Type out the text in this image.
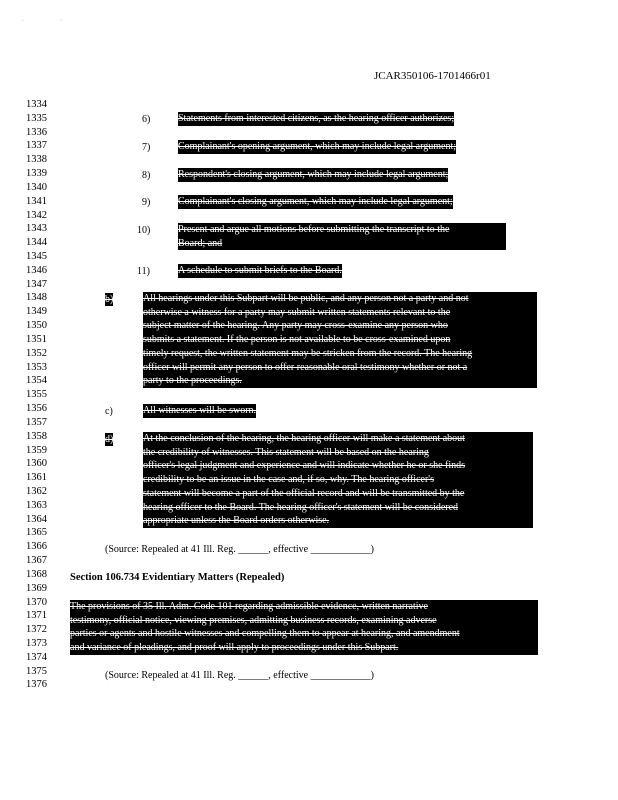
·	·
JCAR350106-1701466r01
1334
1335
1336
1337
1338
1339
1340
1341
1342
1343
1344
1345
1346
1347
1348
1349
1350
1351
1352
1353
1354
1355
1356
1357
1358
1359
1360
1361
1362
1363
1364
1365
1366
1367
1368
1369
1370
1371
1372
1373
1374
1375
1376
6)	Statements from interested citizens, as the hearing officer authorizes;
7)	Complainant's opening argument, which may include legal argument;
8)	Respondent's closing argument, which may include legal argument;
9)	Complainant's closing argument, which may include legal argument;
10)	Present and argue all motions before submitting the transcript to the
Board; and
11)	A schedule to submit briefs to the Board.
b)	All hearings under this Subpart will be public, and any person not a party and not
otherwise a witness for a party may submit written statements relevant to the
subject matter of the hearing. Any party may cross-examine any person who
submits a statement. If the person is not available to be cross-examined upon
timely request, the written statement may be stricken from the record. The hearing
officer will permit any person to offer reasonable oral testimony whether or not a
party to the proceedings.
c)	All witnesses will be sworn.
d)	At the conclusion of the hearing, the hearing officer will make a statement about
the credibility of witnesses. This statement will be based on the hearing
officer's legal judgment and experience and will indicate whether he or she finds
credibility to be an issue in the case and, if so, why. The hearing officer's
statement will become a part of the official record and will be transmitted by the
hearing officer to the Board. The hearing officer's statement will be considered
appropriate unless the Board orders otherwise.
(Source: Repealed at 41 Ill. Reg. ______, effective ____________)
Section 106.734 Evidentiary Matters (Repealed)
The provisions of 35 Ill. Adm. Code 101 regarding admissible evidence, written narrative
testimony, official notice, viewing premises, admitting business records, examining adverse
parties or agents and hostile witnesses and compelling them to appear at hearing, and amendment
and variance of pleadings, and proof will apply to proceedings under this Subpart.
(Source: Repealed at 41 Ill. Reg. ______, effective ____________)
